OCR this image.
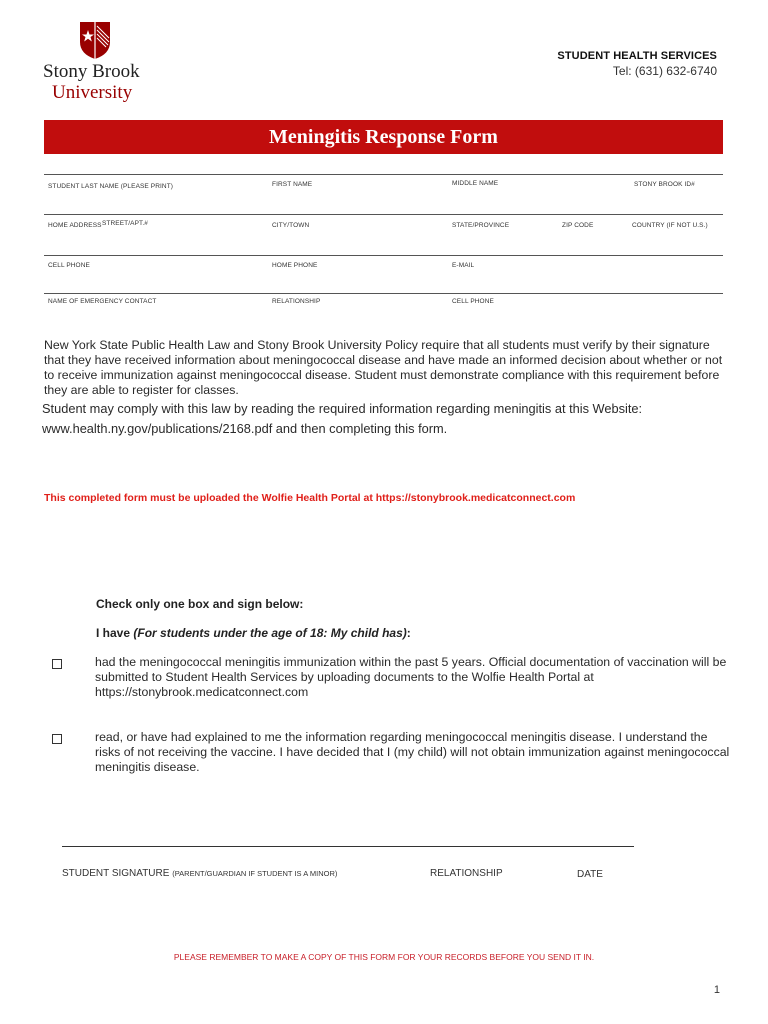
Stony Brook
University
STUDENT HEALTH SERVICES
Tel: (631) 632-6740
Meningitis Response Form
STUDENT LAST NAME (PLEASE PRINT)	FIRST NAME	MIDDLE NAME	STONY BROOK ID#
HOME ADDRESS STREET/APT.#	CITY/TOWN	STATE/PROVINCE	ZIP CODE	COUNTRY (IF NOT U.S.)
CELL PHONE	HOME PHONE	E-MAIL
NAME OF EMERGENCY CONTACT	RELATIONSHIP	CELL PHONE
New York State Public Health Law and Stony Brook University Policy require that all students must verify by their signature that they have received information about meningococcal disease and have made an informed decision about whether or not to receive immunization against meningococcal disease. Student must demonstrate compliance with this requirement before they are able to register for classes.
Student may comply with this law by reading the required information regarding meningitis at this Website:
www.health.ny.gov/publications/2168.pdf and then completing this form.
This completed form must be uploaded the Wolfie Health Portal at https://stonybrook.medicatconnect.com
Check only one box and sign below:
I have (For students under the age of 18: My child has):
had the meningococcal meningitis immunization within the past 5 years. Official documentation of vaccination will be submitted to Student Health Services by uploading documents to the Wolfie Health Portal at https://stonybrook.medicatconnect.com
read, or have had explained to me the information regarding meningococcal meningitis disease. I understand the risks of not receiving the vaccine. I have decided that I (my child) will not obtain immunization against meningococcal meningitis disease.
STUDENT SIGNATURE (PARENT/GUARDIAN IF STUDENT IS A MINOR)	RELATIONSHIP	DATE
PLEASE REMEMBER TO MAKE A COPY OF THIS FORM FOR YOUR RECORDS BEFORE YOU SEND IT IN.
1
